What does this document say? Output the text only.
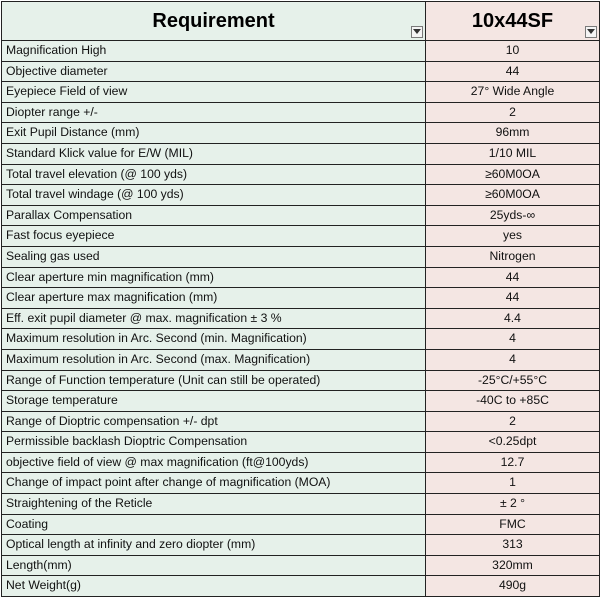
Requirement	10x44SF

Magnification High	10
Objective diameter	44
Eyepiece Field of view	27° Wide Angle
Diopter range +/-	2
Exit Pupil Distance (mm)	96mm
Standard Klick value for E/W (MIL)	1/10 MIL
Total travel elevation (@ 100 yds)	≥60M0OA
Total travel windage (@ 100 yds)	≥60M0OA
Parallax Compensation	25yds-∞
Fast focus eyepiece	yes
Sealing gas used	Nitrogen
Clear aperture min magnification (mm)	44
Clear aperture max magnification (mm)	44
Eff. exit pupil diameter @ max. magnification ± 3 %	4.4
Maximum resolution in Arc. Second (min. Magnification)	4
Maximum resolution in Arc. Second (max. Magnification)	4
Range of Function temperature (Unit can still be operated)	-25°C/+55°C
Storage temperature	-40C to +85C
Range of Dioptric compensation +/- dpt	2
Permissible backlash Dioptric Compensation	<0.25dpt
objective field of view @ max magnification (ft@100yds)	12.7
Change of impact point after change of magnification (MOA)	1
Straightening of the Reticle	± 2 °
Coating	FMC
Optical length at infinity and zero diopter (mm)	313
Length(mm)	320mm
Net Weight(g)	490g
